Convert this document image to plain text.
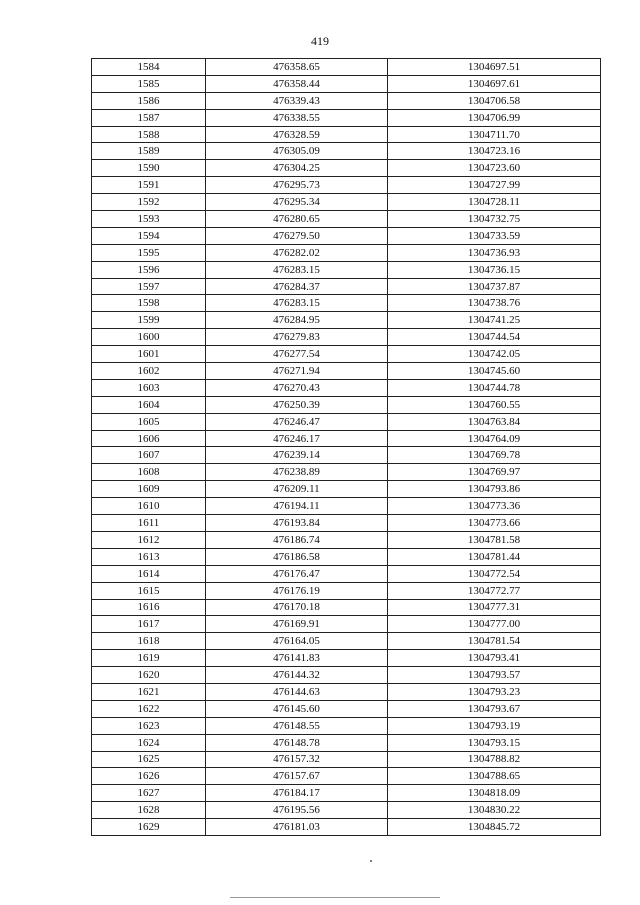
419
1584	476358.65	1304697.51
1585	476358.44	1304697.61
1586	476339.43	1304706.58
1587	476338.55	1304706.99
1588	476328.59	1304711.70
1589	476305.09	1304723.16
1590	476304.25	1304723.60
1591	476295.73	1304727.99
1592	476295.34	1304728.11
1593	476280.65	1304732.75
1594	476279.50	1304733.59
1595	476282.02	1304736.93
1596	476283.15	1304736.15
1597	476284.37	1304737.87
1598	476283.15	1304738.76
1599	476284.95	1304741.25
1600	476279.83	1304744.54
1601	476277.54	1304742.05
1602	476271.94	1304745.60
1603	476270.43	1304744.78
1604	476250.39	1304760.55
1605	476246.47	1304763.84
1606	476246.17	1304764.09
1607	476239.14	1304769.78
1608	476238.89	1304769.97
1609	476209.11	1304793.86
1610	476194.11	1304773.36
1611	476193.84	1304773.66
1612	476186.74	1304781.58
1613	476186.58	1304781.44
1614	476176.47	1304772.54
1615	476176.19	1304772.77
1616	476170.18	1304777.31
1617	476169.91	1304777.00
1618	476164.05	1304781.54
1619	476141.83	1304793.41
1620	476144.32	1304793.57
1621	476144.63	1304793.23
1622	476145.60	1304793.67
1623	476148.55	1304793.19
1624	476148.78	1304793.15
1625	476157.32	1304788.82
1626	476157.67	1304788.65
1627	476184.17	1304818.09
1628	476195.56	1304830.22
1629	476181.03	1304845.72
